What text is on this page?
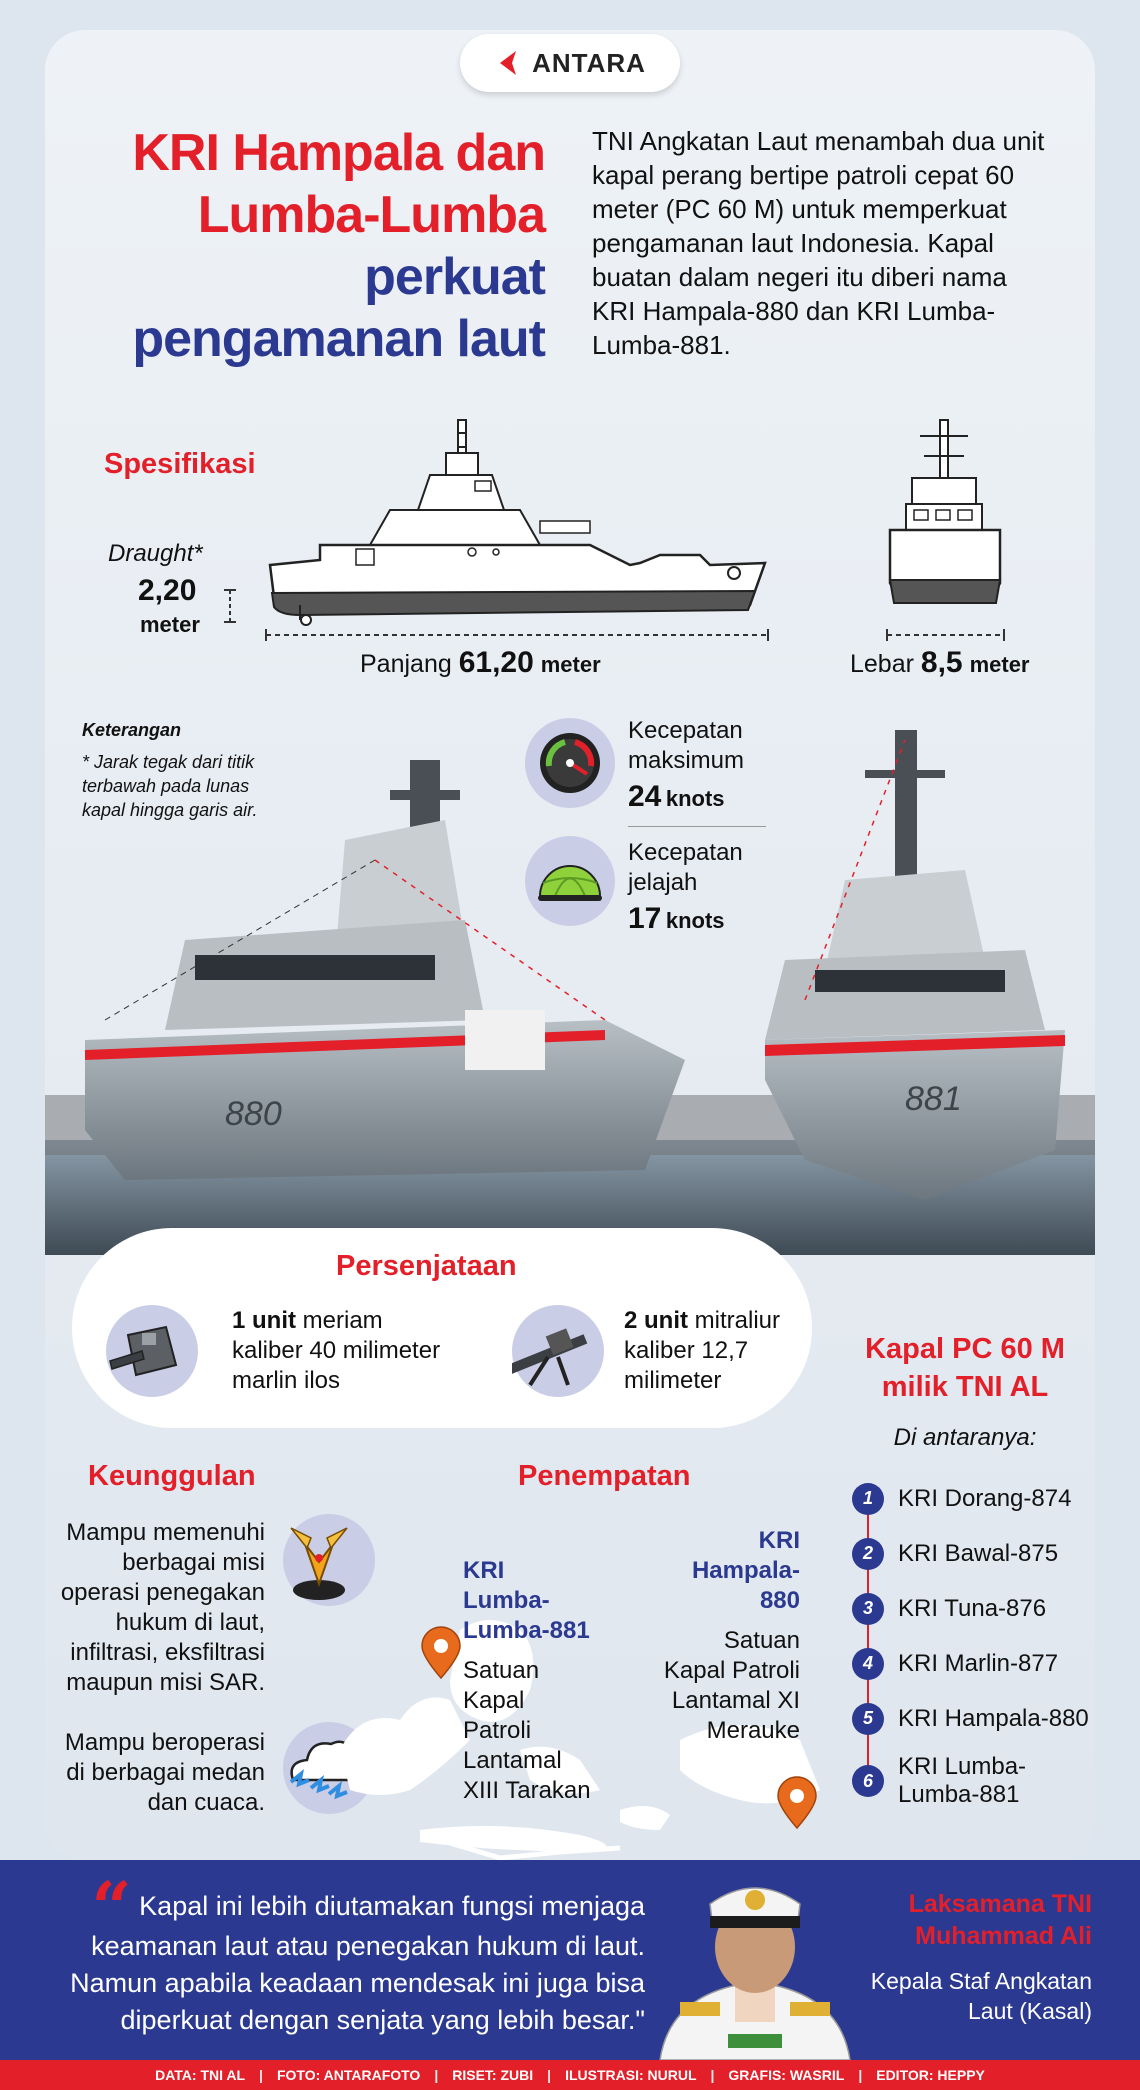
ANTARA
KRI Hampala dan
Lumba-Lumba
perkuat
pengamanan laut

TNI Angkatan Laut menambah dua unit kapal perang bertipe patroli cepat 60 meter (PC 60 M) untuk memperkuat pengamanan laut Indonesia. Kapal buatan dalam negeri itu diberi nama KRI Hampala-880 dan KRI Lumba-Lumba-881.

Spesifikasi
Draught*
2,20
meter
Panjang 61,20 meter	Lebar 8,5 meter
Keterangan
* Jarak tegak dari titik terbawah pada lunas kapal hingga garis air.
880	881
Kecepatan
maksimum
24 knots
Kecepatan
jelajah
17 knots
Persenjataan
1 unit meriam
kaliber 40 milimeter
marlin ilos
2 unit mitraliur
kaliber 12,7
milimeter
Keunggulan
Mampu memenuhi
berbagai misi
operasi penegakan
hukum di laut,
infiltrasi, eksfiltrasi
maupun misi SAR.
Mampu beroperasi
di berbagai medan
dan cuaca.
Penempatan
KRI
Lumba-
Lumba-881
Satuan
Kapal
Patroli
Lantamal
XIII Tarakan
KRI
Hampala-
880
Satuan
Kapal Patroli
Lantamal XI
Merauke
Kapal PC 60 M
milik TNI AL
Di antaranya:
1	KRI Dorang-874
2	KRI Bawal-875
3	KRI Tuna-876
4	KRI Marlin-877
5	KRI Hampala-880
6
KRI Lumba-Lumba-881
“ Kapal ini lebih diutamakan fungsi menjaga
keamanan laut atau penegakan hukum di laut.
Namun apabila keadaan mendesak ini juga bisa
diperkuat dengan senjata yang lebih besar."
Laksamana TNI
Muhammad Ali
Kepala Staf Angkatan
Laut (Kasal)
DATA: TNI AL | FOTO: ANTARAFOTO | RISET: ZUBI | ILUSTRASI: NURUL | GRAFIS: WASRIL | EDITOR: HEPPY
